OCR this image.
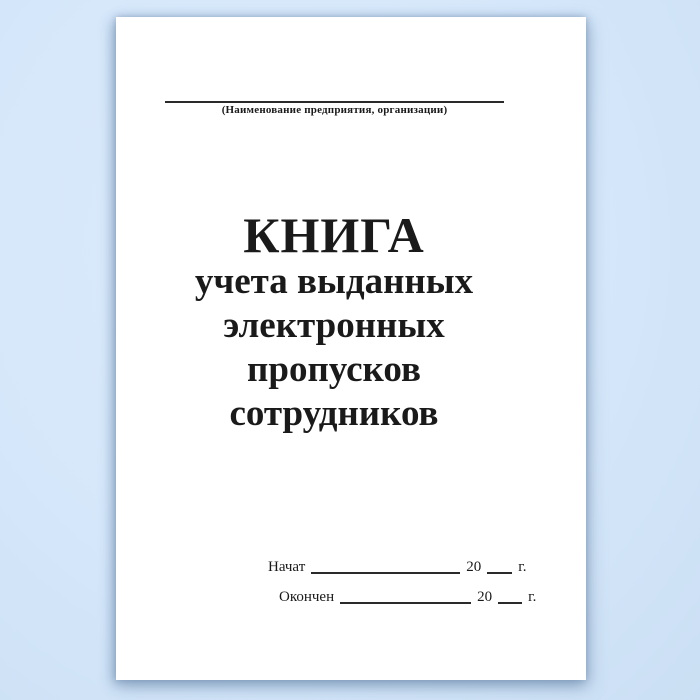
(Наименование предприятия, организации)
КНИГА
учета выданных
электронных
пропусков
сотрудников
Начат	20 г.
Окончен	20 г.
